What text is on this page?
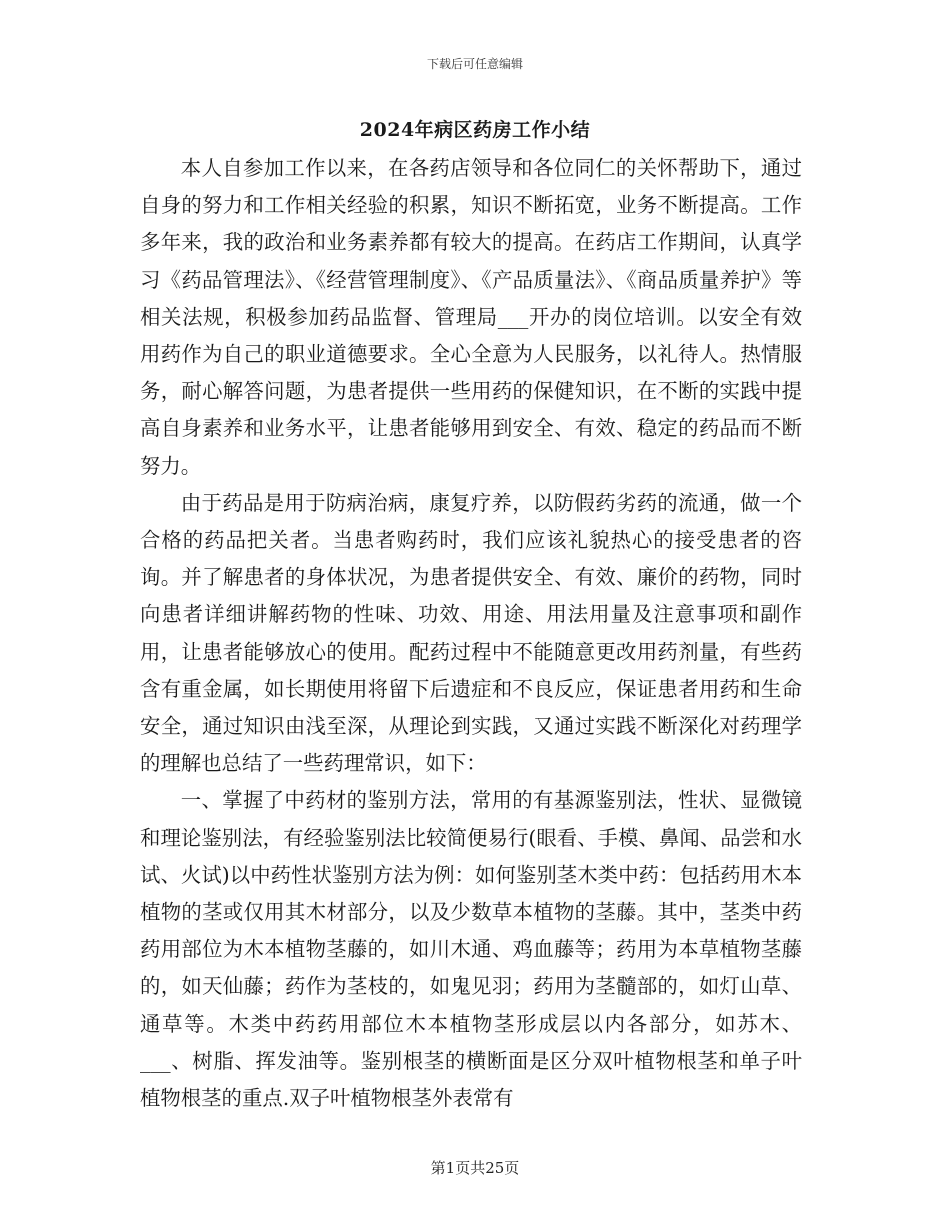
下载后可任意编辑
2024年病区药房工作小结

本人自参加工作以来，在各药店领导和各位同仁的关怀帮助下，通过自身的努力和工作相关经验的积累，知识不断拓宽，业务不断提高。工作多年来，我的政治和业务素养都有较大的提高。在药店工作期间，认真学习《药品管理法》、《经营管理制度》、《产品质量法》、《商品质量养护》等相关法规，积极参加药品监督、管理局___开办的岗位培训。以安全有效用药作为自己的职业道德要求。全心全意为人民服务，以礼待人。热情服务，耐心解答问题，为患者提供一些用药的保健知识，在不断的实践中提高自身素养和业务水平，让患者能够用到安全、有效、稳定的药品而不断努力。

由于药品是用于防病治病，康复疗养，以防假药劣药的流通，做一个合格的药品把关者。当患者购药时，我们应该礼貌热心的接受患者的咨询。并了解患者的身体状况，为患者提供安全、有效、廉价的药物，同时向患者详细讲解药物的性味、功效、用途、用法用量及注意事项和副作用，让患者能够放心的使用。配药过程中不能随意更改用药剂量，有些药含有重金属，如长期使用将留下后遗症和不良反应，保证患者用药和生命安全，通过知识由浅至深，从理论到实践，又通过实践不断深化对药理学的理解也总结了一些药理常识，如下：

一、掌握了中药材的鉴别方法，常用的有基源鉴别法，性状、显微镜和理论鉴别法，有经验鉴别法比较简便易行(眼看、手模、鼻闻、品尝和水试、火试)以中药性状鉴别方法为例：如何鉴别茎木类中药：包括药用木本植物的茎或仅用其木材部分，以及少数草本植物的茎藤。其中，茎类中药药用部位为木本植物茎藤的，如川木通、鸡血藤等；药用为本草植物茎藤的，如天仙藤；药作为茎枝的，如鬼见羽；药用为茎髓部的，如灯山草、通草等。木类中药药用部位木本植物茎形成层以内各部分，如苏木、___、树脂、挥发油等。鉴别根茎的横断面是区分双叶植物根茎和单子叶植物根茎的重点.双子叶植物根茎外表常有

第1页共25页
